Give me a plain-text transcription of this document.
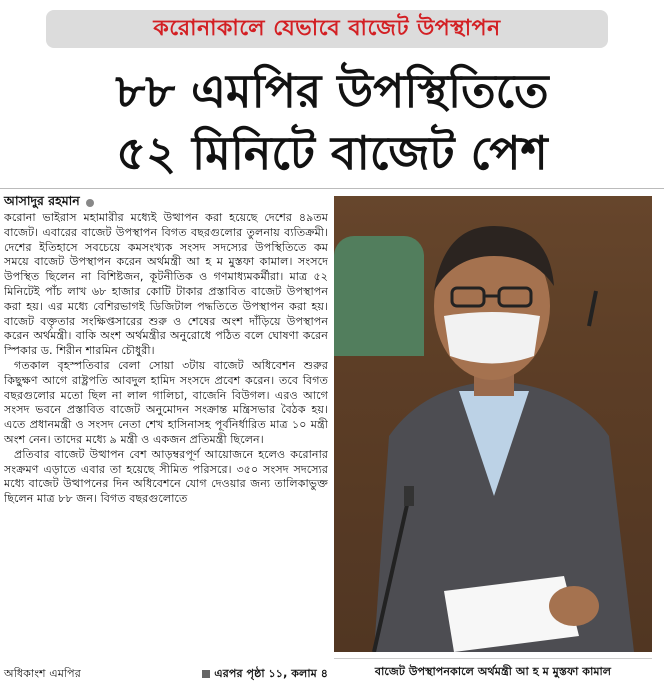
করোনাকালে যেভাবে বাজেট উপস্থাপন
৮৮ এমপির উপস্থিতিতে
৫২ মিনিটে বাজেট পেশ
আসাদুর রহমান

করোনা ভাইরাস মহামারীর মধ্যেই উত্থাপন করা হয়েছে দেশের ৪৯তম বাজেট। এবারের বাজেট উপস্থাপন বিগত বছরগুলোর তুলনায় ব্যতিক্রমী। দেশের ইতিহাসে সবচেয়ে কমসংখ্যক সংসদ সদস্যের উপস্থিতিতে কম সময়ে বাজেট উপস্থাপন করেন অর্থমন্ত্রী আ হ ম মুস্তফা কামাল। সংসদে উপস্থিত ছিলেন না বিশিষ্টজন, কূটনীতিক ও গণমাধ্যমকর্মীরা। মাত্র ৫২ মিনিটেই পাঁচ লাখ ৬৮ হাজার কোটি টাকার প্রস্তাবিত বাজেট উপস্থাপন করা হয়। এর মধ্যে বেশিরভাগই ডিজিটাল পদ্ধতিতে উপস্থাপন করা হয়। বাজেট বক্তৃতার সংক্ষিপ্তসারের শুরু ও শেষের অংশ দাঁড়িয়ে উপস্থাপন করেন অর্থমন্ত্রী। বাকি অংশ অর্থমন্ত্রীর অনুরোধে পঠিত বলে ঘোষণা করেন স্পিকার ড. শিরীন শারমিন চৌধুরী।

গতকাল বৃহস্পতিবার বেলা সোয়া ৩টায় বাজেট অধিবেশন শুরুর কিছুক্ষণ আগে রাষ্ট্রপতি আবদুল হামিদ সংসদে প্রবেশ করেন। তবে বিগত বছরগুলোর মতো ছিল না লাল গালিচা, বাজেনি বিউগল। এরও আগে সংসদ ভবনে প্রস্তাবিত বাজেট অনুমোদন সংক্রান্ত মন্ত্রিসভার বৈঠক হয়। এতে প্রধানমন্ত্রী ও সংসদ নেতা শেখ হাসিনাসহ পূর্বনির্ধারিত মাত্র ১০ মন্ত্রী অংশ নেন। তাদের মধ্যে ৯ মন্ত্রী ও একজন প্রতিমন্ত্রী ছিলেন।

প্রতিবার বাজেট উত্থাপন বেশ আড়ম্বরপূর্ণ আয়োজনে হলেও করোনার সংক্রমণ এড়াতে এবার তা হয়েছে সীমিত পরিসরে। ৩৫০ সংসদ সদস্যের মধ্যে বাজেট উত্থাপনের দিন অধিবেশনে যোগ দেওয়ার জন্য তালিকাভুক্ত ছিলেন মাত্র ৮৮ জন। বিগত বছরগুলোতে

অধিকাংশ এমপির	এরপর পৃষ্ঠা ১১, কলাম ৪	বাজেট উপস্থাপনকালে অর্থমন্ত্রী আ হ ম মুস্তফা কামাল
